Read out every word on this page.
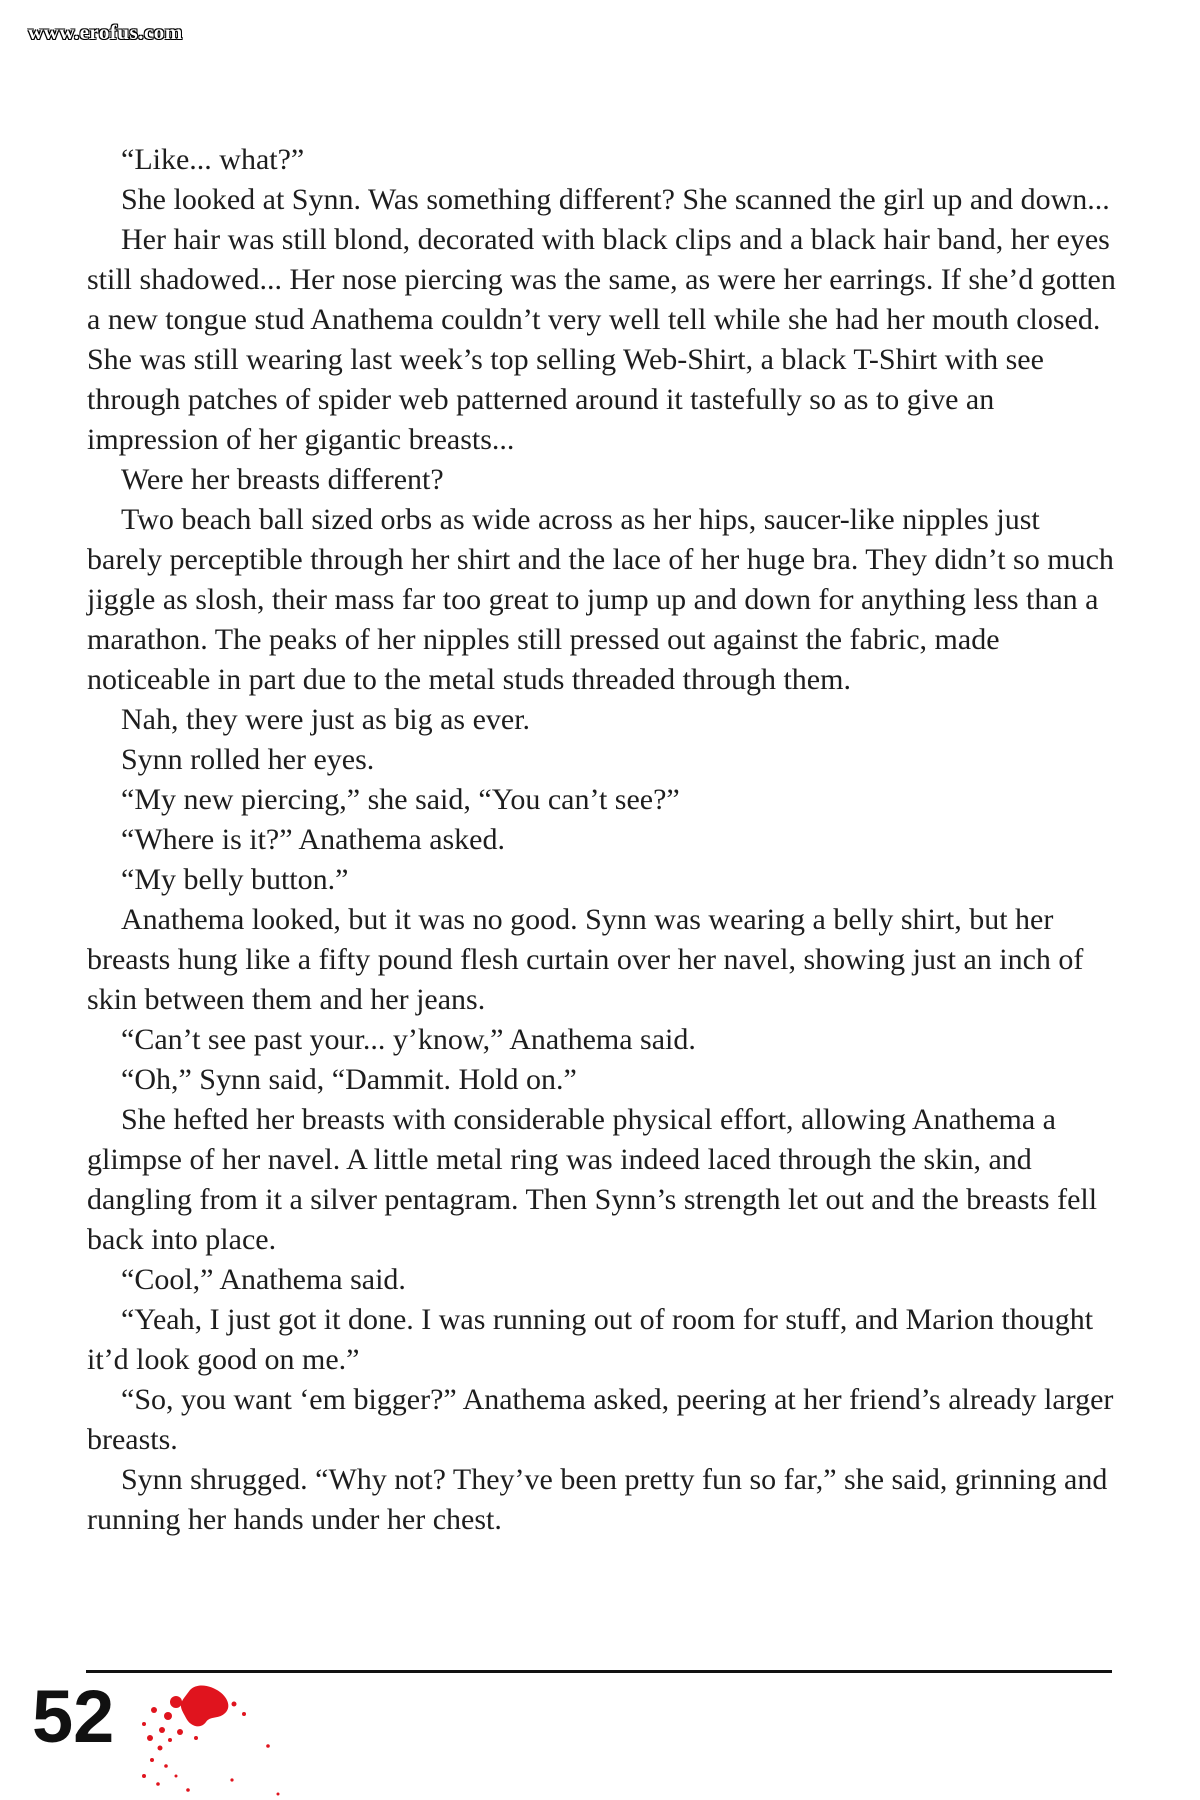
www.erofus.com

“Like... what?”

She looked at Synn. Was something different? She scanned the girl up and down...

Her hair was still blond, decorated with black clips and a black hair band, her eyes still shadowed... Her nose piercing was the same, as were her earrings. If she’d gotten a new tongue stud Anathema couldn’t very well tell while she had her mouth closed. She was still wearing last week’s top selling Web-Shirt, a black T-Shirt with see through patches of spider web patterned around it tastefully so as to give an impression of her gigantic breasts...

Were her breasts different?

Two beach ball sized orbs as wide across as her hips, saucer-like nipples just barely perceptible through her shirt and the lace of her huge bra. They didn’t so much jiggle as slosh, their mass far too great to jump up and down for anything less than a marathon. The peaks of her nipples still pressed out against the fabric, made noticeable in part due to the metal studs threaded through them.

Nah, they were just as big as ever.

Synn rolled her eyes.

“My new piercing,” she said, “You can’t see?”

“Where is it?” Anathema asked.

“My belly button.”

Anathema looked, but it was no good. Synn was wearing a belly shirt, but her breasts hung like a fifty pound flesh curtain over her navel, showing just an inch of skin between them and her jeans.

“Can’t see past your... y’know,” Anathema said.

“Oh,” Synn said, “Dammit. Hold on.”

She hefted her breasts with considerable physical effort, allowing Anathema a glimpse of her navel. A little metal ring was indeed laced through the skin, and dangling from it a silver pentagram. Then Synn’s strength let out and the breasts fell back into place.

“Cool,” Anathema said.

“Yeah, I just got it done. I was running out of room for stuff, and Marion thought it’d look good on me.”

“So, you want ‘em bigger?” Anathema asked, peering at her friend’s already larger breasts.

Synn shrugged. “Why not? They’ve been pretty fun so far,” she said, grinning and running her hands under her chest.

52
